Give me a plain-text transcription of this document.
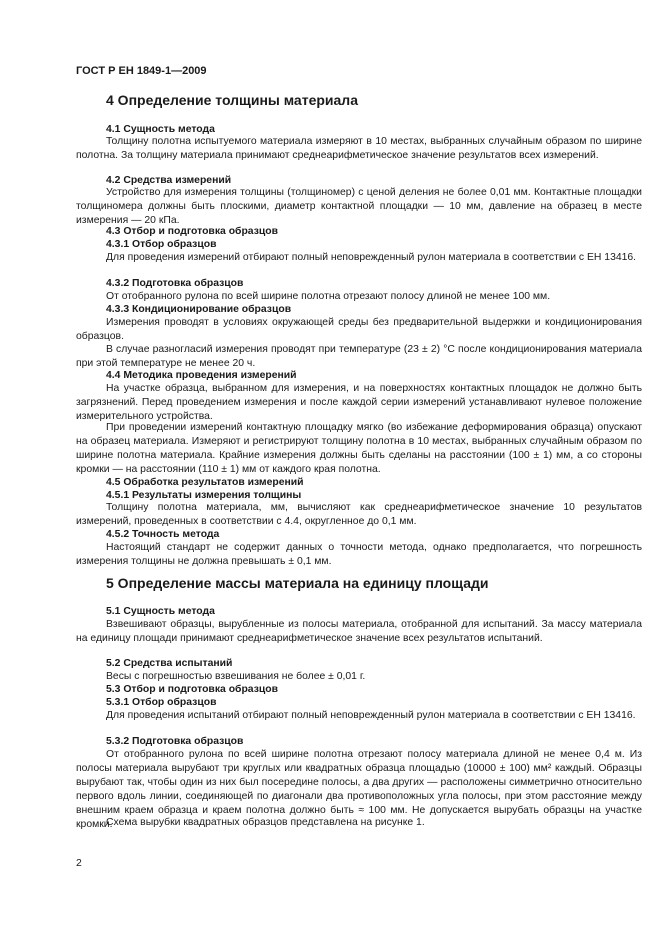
ГОСТ Р ЕН 1849-1—2009
4 Определение толщины материала
4.1 Сущность метода
Толщину полотна испытуемого материала измеряют в 10 местах, выбранных случайным образом по ширине полотна. За толщину материала принимают среднеарифметическое значение результатов всех измерений.
4.2 Средства измерений
Устройство для измерения толщины (толщиномер) с ценой деления не более 0,01 мм. Контактные площадки толщиномера должны быть плоскими, диаметр контактной площадки — 10 мм, давление на образец в месте измерения — 20 кПа.
4.3 Отбор и подготовка образцов
4.3.1 Отбор образцов
Для проведения измерений отбирают полный неповрежденный рулон материала в соответствии с ЕН 13416.
4.3.2 Подготовка образцов
От отобранного рулона по всей ширине полотна отрезают полосу длиной не менее 100 мм.
4.3.3 Кондиционирование образцов
Измерения проводят в условиях окружающей среды без предварительной выдержки и кондиционирования образцов.
В случае разногласий измерения проводят при температуре (23 ± 2) °С после кондиционирования материала при этой температуре не менее 20 ч.
4.4 Методика проведения измерений
На участке образца, выбранном для измерения, и на поверхностях контактных площадок не должно быть загрязнений. Перед проведением измерения и после каждой серии измерений устанавливают нулевое положение измерительного устройства.
При проведении измерений контактную площадку мягко (во избежание деформирования образца) опускают на образец материала. Измеряют и регистрируют толщину полотна в 10 местах, выбранных случайным образом по ширине полотна материала. Крайние измерения должны быть сделаны на расстоянии (100 ± 1) мм, а со стороны кромки — на расстоянии (110 ± 1) мм от каждого края полотна.
4.5 Обработка результатов измерений
4.5.1 Результаты измерения толщины
Толщину полотна материала, мм, вычисляют как среднеарифметическое значение 10 результатов измерений, проведенных в соответствии с 4.4, округленное до 0,1 мм.
4.5.2 Точность метода
Настоящий стандарт не содержит данных о точности метода, однако предполагается, что погрешность измерения толщины не должна превышать ± 0,1 мм.
5 Определение массы материала на единицу площади
5.1 Сущность метода
Взвешивают образцы, вырубленные из полосы материала, отобранной для испытаний. За массу материала на единицу площади принимают среднеарифметическое значение всех результатов испытаний.
5.2 Средства испытаний
Весы с погрешностью взвешивания не более ± 0,01 г.
5.3 Отбор и подготовка образцов
5.3.1 Отбор образцов
Для проведения испытаний отбирают полный неповрежденный рулон материала в соответствии с ЕН 13416.
5.3.2 Подготовка образцов
От отобранного рулона по всей ширине полотна отрезают полосу материала длиной не менее 0,4 м. Из полосы материала вырубают три круглых или квадратных образца площадью (10000 ± 100) мм² каждый. Образцы вырубают так, чтобы один из них был посередине полосы, а два других — расположены симметрично относительно первого вдоль линии, соединяющей по диагонали два противоположных угла полосы, при этом расстояние между внешним краем образца и краем полотна должно быть ≈ 100 мм. Не допускается вырубать образцы на участке кромки.
Схема вырубки квадратных образцов представлена на рисунке 1.
2
